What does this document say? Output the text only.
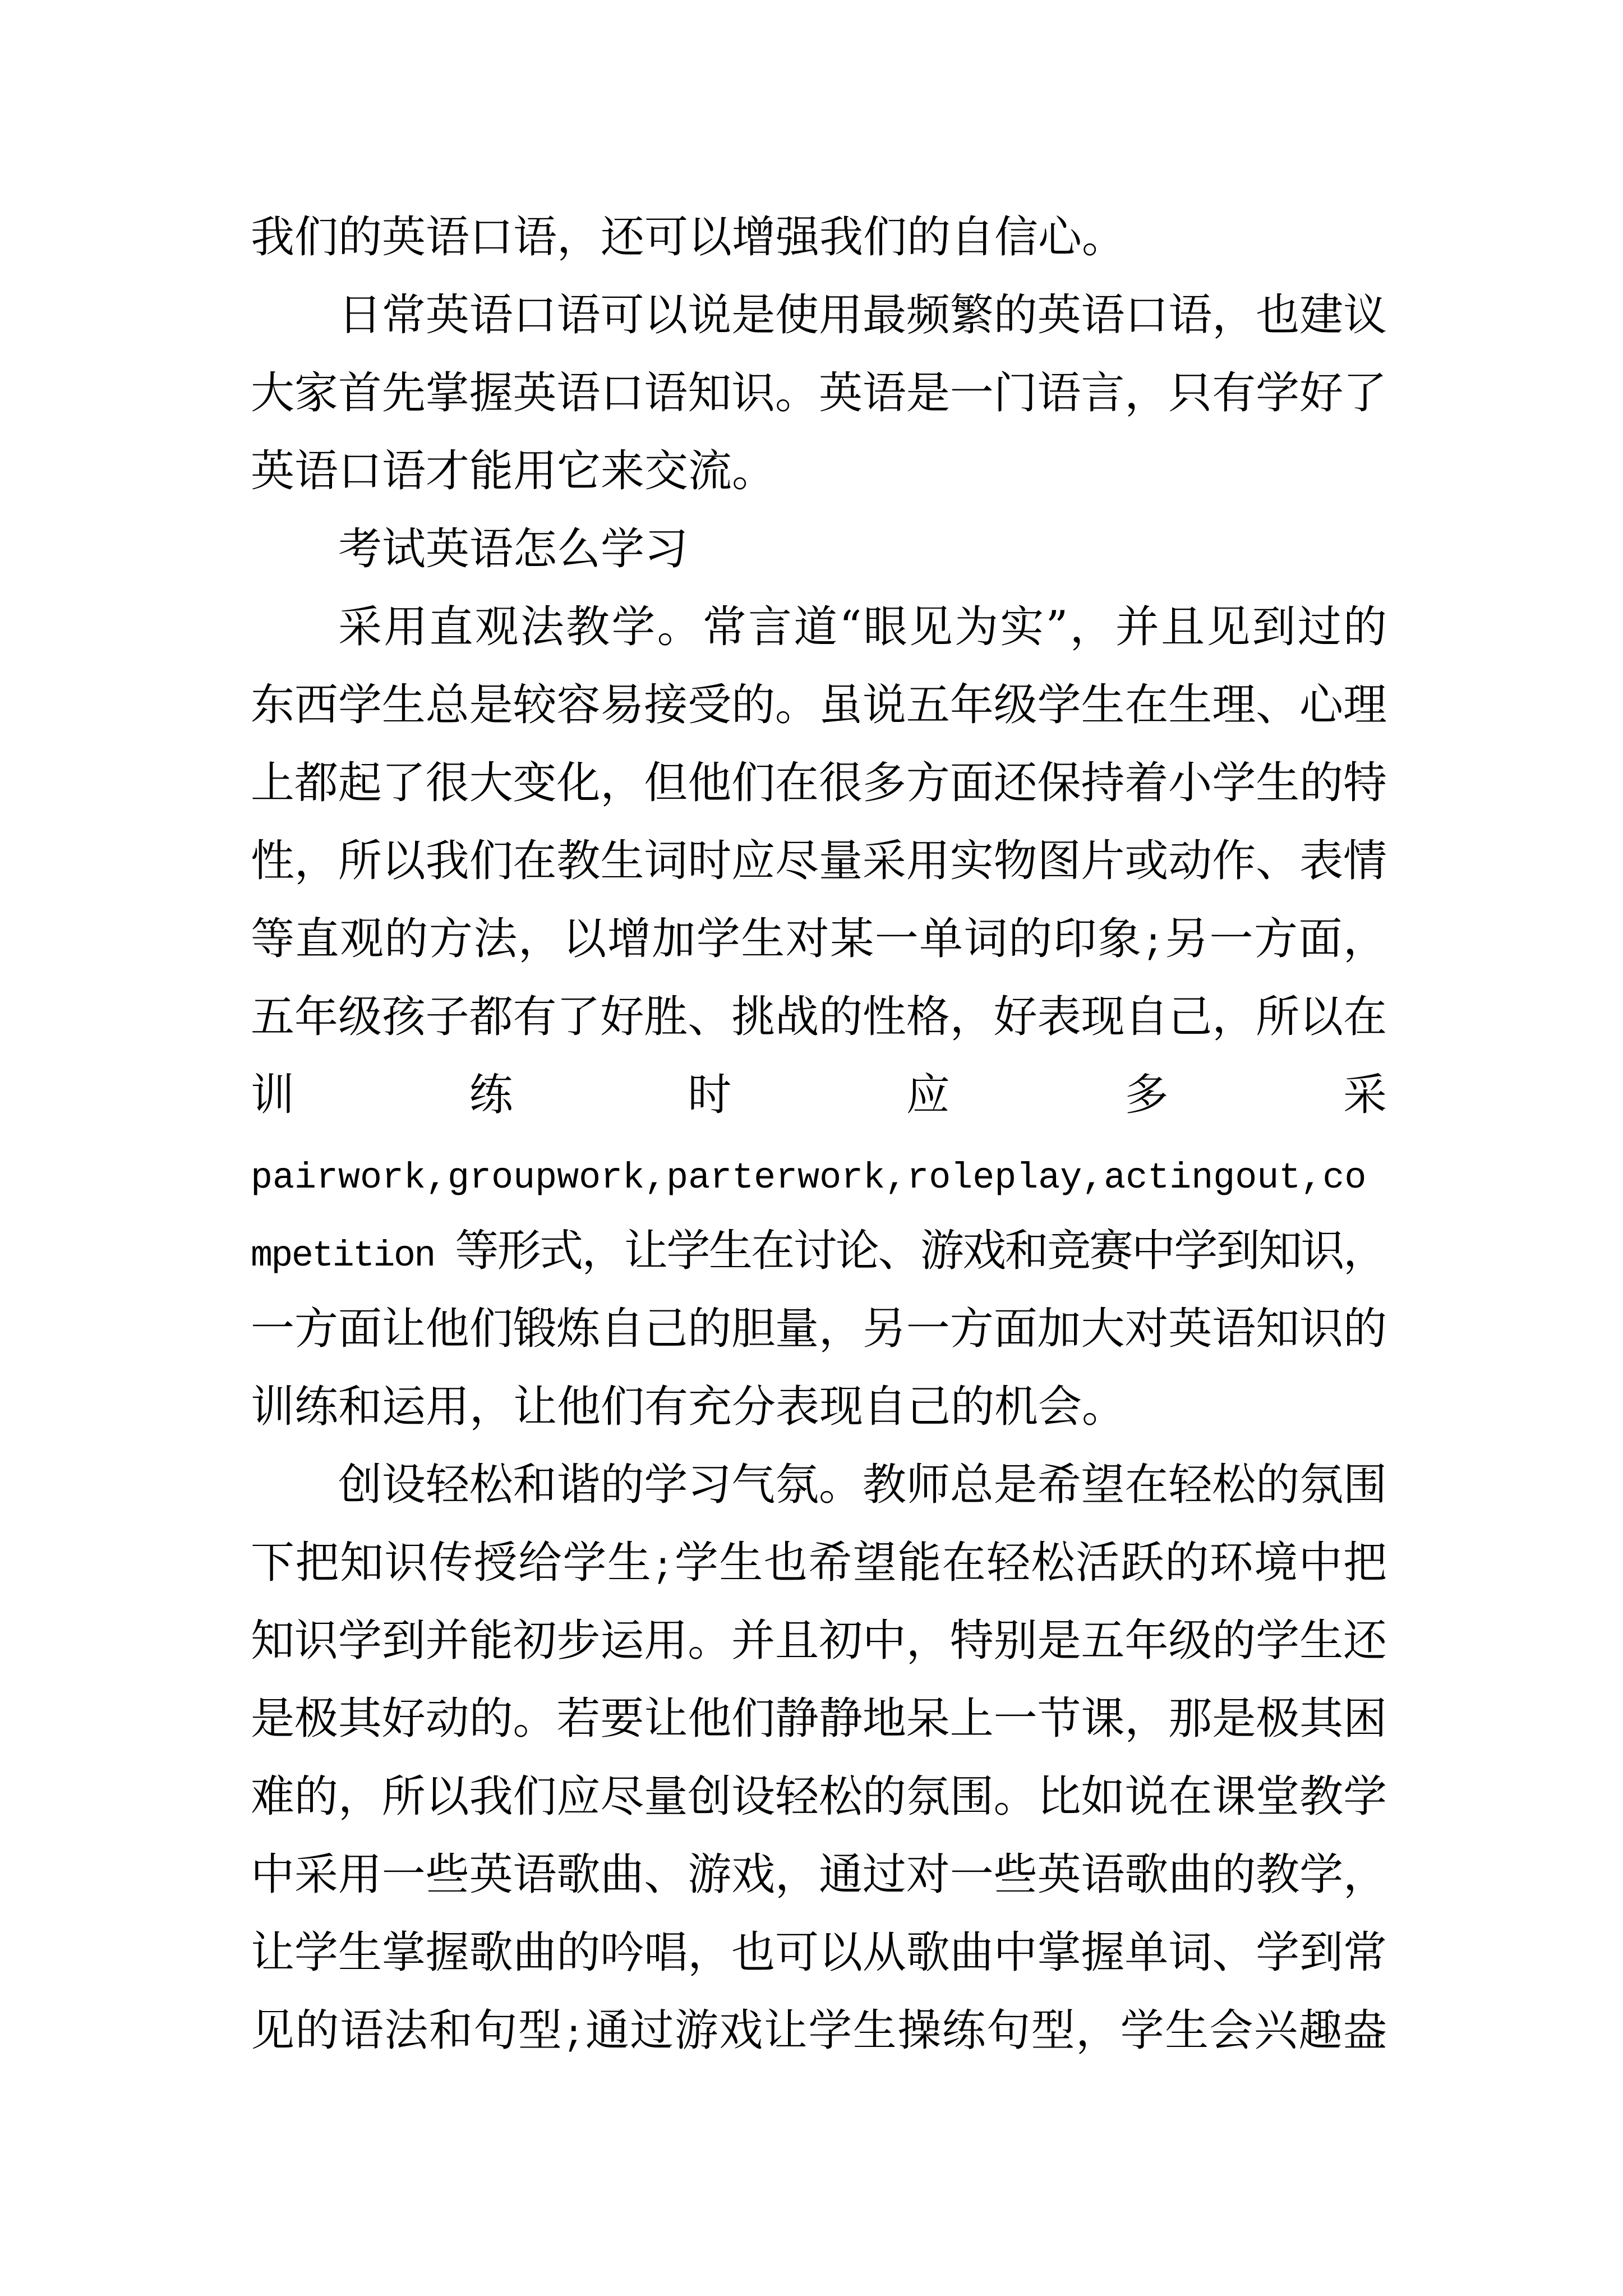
我们的英语口语，还可以增强我们的自信心。
日常英语口语可以说是使用最频繁的英语口语，也建议
大家首先掌握英语口语知识。英语是一门语言，只有学好了
英语口语才能用它来交流。
考试英语怎么学习
采用直观法教学。常言道“眼见为实”，并且见到过的
东西学生总是较容易接受的。虽说五年级学生在生理、心理
上都起了很大变化，但他们在很多方面还保持着小学生的特
性，所以我们在教生词时应尽量采用实物图片或动作、表情
等直观的方法，以增加学生对某一单词的印象;另一方面，
五年级孩子都有了好胜、挑战的性格，好表现自己，所以在
训练时应多采
pairwork,groupwork,parterwork,roleplay,actingout,co
mpetition 等形式，让学生在讨论、游戏和竞赛中学到知识，
一方面让他们锻炼自己的胆量，另一方面加大对英语知识的
训练和运用，让他们有充分表现自己的机会。
创设轻松和谐的学习气氛。教师总是希望在轻松的氛围
下把知识传授给学生;学生也希望能在轻松活跃的环境中把
知识学到并能初步运用。并且初中，特别是五年级的学生还
是极其好动的。若要让他们静静地呆上一节课，那是极其困
难的，所以我们应尽量创设轻松的氛围。比如说在课堂教学
中采用一些英语歌曲、游戏，通过对一些英语歌曲的教学，
让学生掌握歌曲的吟唱，也可以从歌曲中掌握单词、学到常
见的语法和句型;通过游戏让学生操练句型，学生会兴趣盎
